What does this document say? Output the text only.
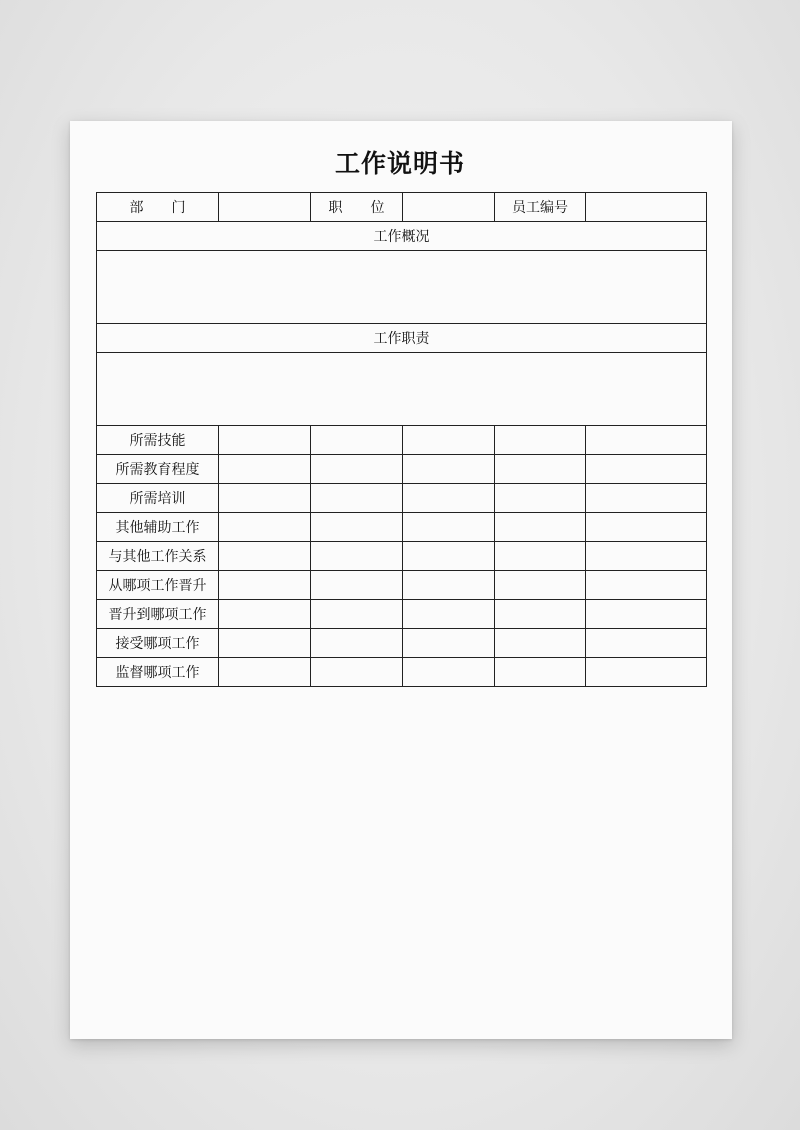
工作说明书
部　　门		职　　位		员工编号	
工作概况					

工作职责					

所需技能					
所需教育程度					
所需培训					
其他辅助工作					
与其他工作关系					
从哪项工作晋升					
晋升到哪项工作					
接受哪项工作					
监督哪项工作					
